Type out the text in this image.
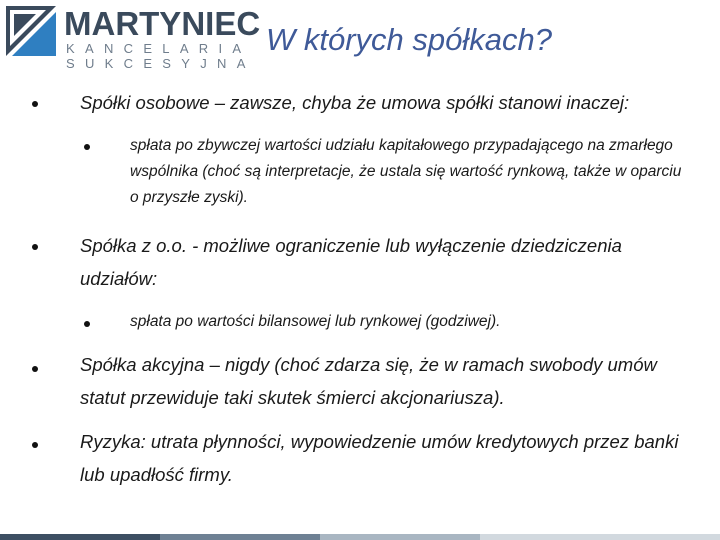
MARTYNIEC
KANCELARIA
SUKCESYJNA
W których spółkach?
Spółki osobowe – zawsze, chyba że umowa spółki stanowi inaczej:
spłata po zbywczej wartości udziału kapitałowego przypadającego na zmarłego wspólnika (choć są interpretacje, że ustala się wartość rynkową, także w oparciu o przyszłe zyski).
Spółka z o.o. - możliwe ograniczenie lub wyłączenie dziedziczenia udziałów:
spłata po wartości bilansowej lub rynkowej (godziwej).
Spółka akcyjna – nigdy (choć zdarza się, że w ramach swobody umów statut przewiduje taki skutek śmierci akcjonariusza).
Ryzyka: utrata płynności, wypowiedzenie umów kredytowych przez banki lub upadłość firmy.
